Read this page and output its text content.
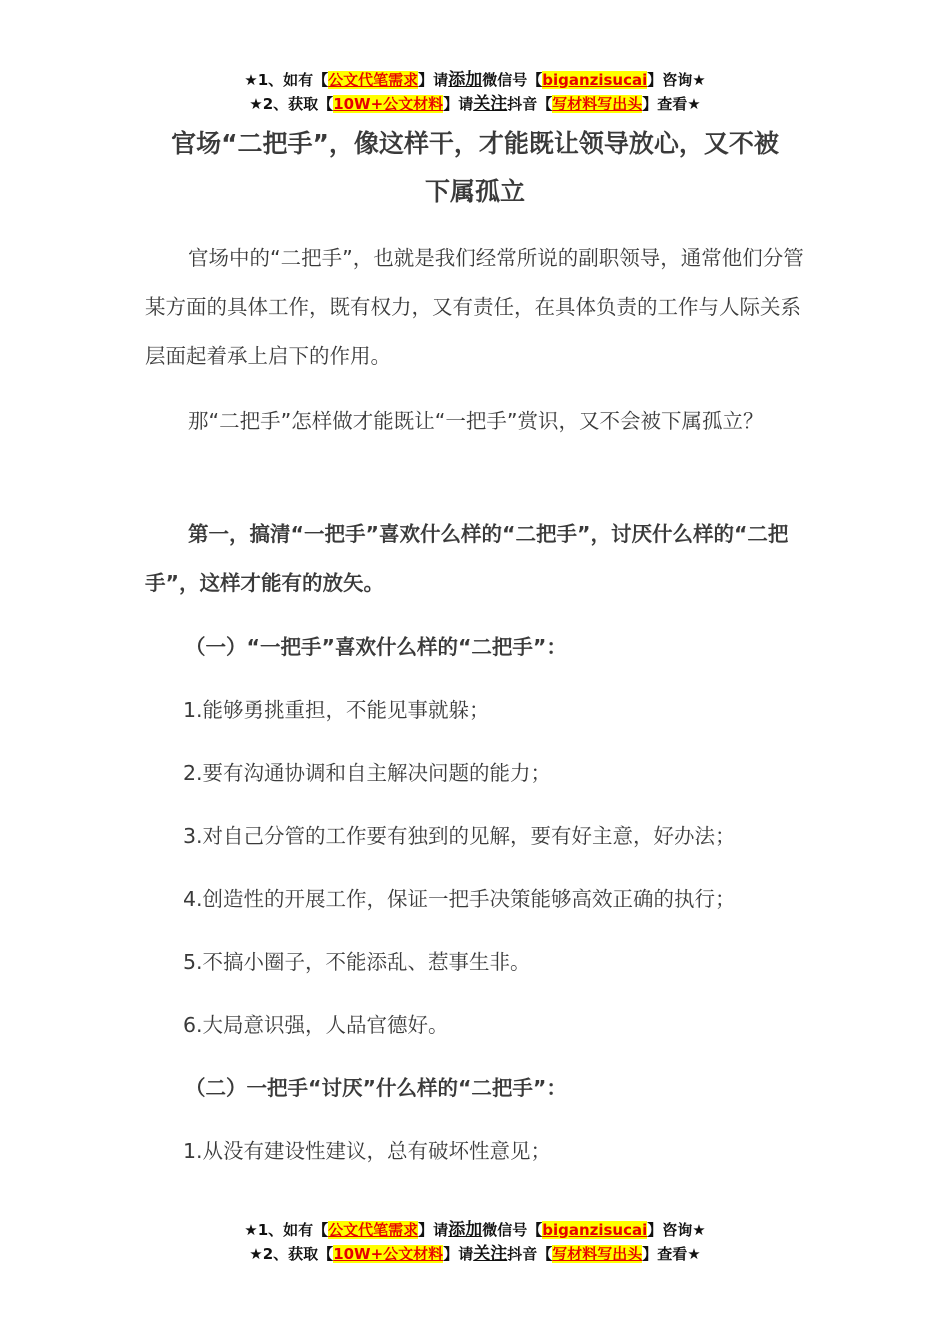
★1、如有【公文代笔需求】请添加微信号【biganzisucai】咨询★
★2、获取【10W+公文材料】请关注抖音【写材料写出头】查看★
官场“二把手”，像这样干，才能既让领导放心，又不被
下属孤立
官场中的“二把手”，也就是我们经常所说的副职领导，通常他们分管某方面的具体工作，既有权力，又有责任，在具体负责的工作与人际关系层面起着承上启下的作用。
那“二把手”怎样做才能既让“一把手”赏识，又不会被下属孤立？
第一，搞清“一把手”喜欢什么样的“二把手”，讨厌什么样的“二把手”，这样才能有的放矢。
（一）“一把手”喜欢什么样的“二把手”：
1.能够勇挑重担，不能见事就躲；
2.要有沟通协调和自主解决问题的能力；
3.对自己分管的工作要有独到的见解，要有好主意，好办法；
4.创造性的开展工作，保证一把手决策能够高效正确的执行；
5.不搞小圈子，不能添乱、惹事生非。
6.大局意识强，人品官德好。
（二）一把手“讨厌”什么样的“二把手”：
1.从没有建设性建议，总有破坏性意见；
★1、如有【公文代笔需求】请添加微信号【biganzisucai】咨询★
★2、获取【10W+公文材料】请关注抖音【写材料写出头】查看★
